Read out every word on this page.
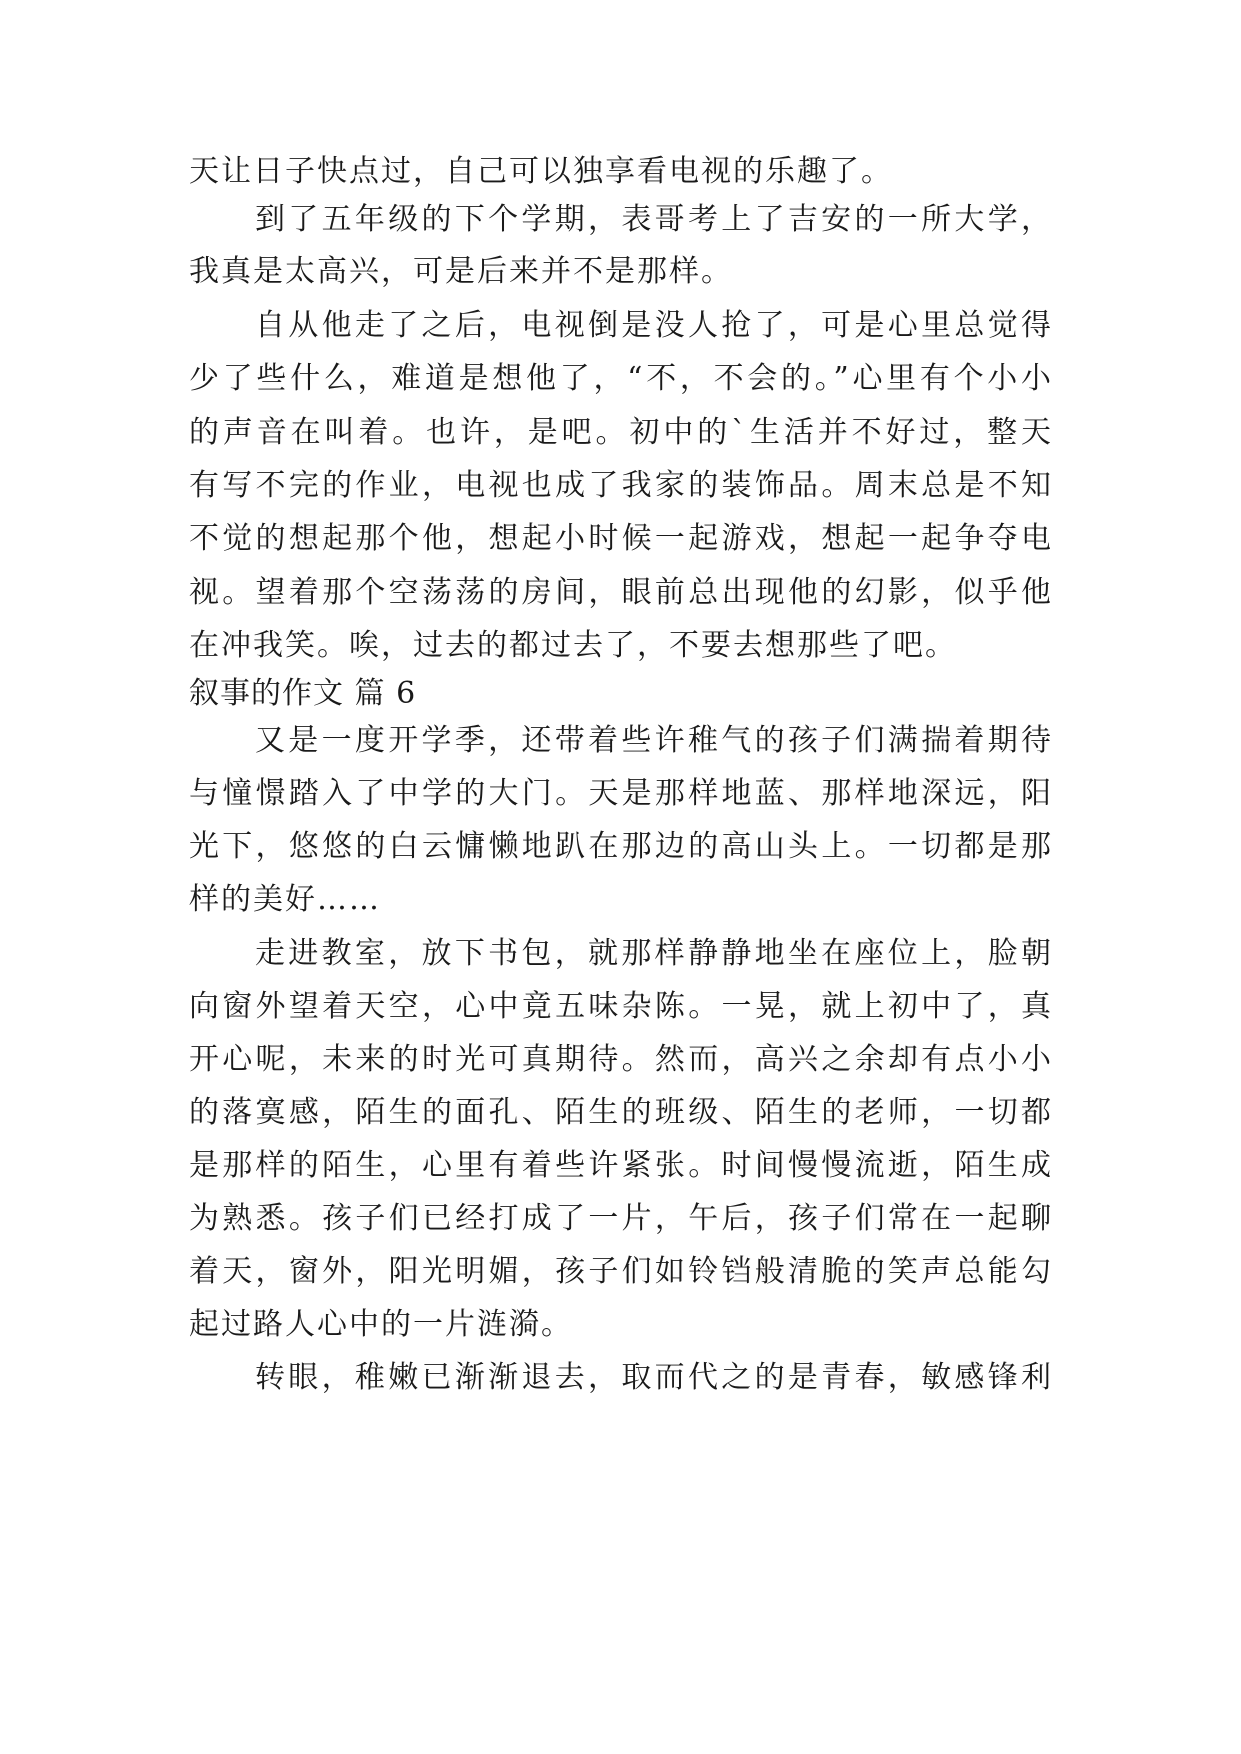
天让日子快点过，自己可以独享看电视的乐趣了。
到了五年级的下个学期，表哥考上了吉安的一所大学，
我真是太高兴，可是后来并不是那样。
自从他走了之后，电视倒是没人抢了，可是心里总觉得
少了些什么，难道是想他了，“不，不会的。”心里有个小小
的声音在叫着。也许，是吧。初中的`生活并不好过，整天
有写不完的作业，电视也成了我家的装饰品。周末总是不知
不觉的想起那个他，想起小时候一起游戏，想起一起争夺电
视。望着那个空荡荡的房间，眼前总出现他的幻影，似乎他
在冲我笑。唉，过去的都过去了，不要去想那些了吧。
叙事的作文 篇 6
又是一度开学季，还带着些许稚气的孩子们满揣着期待
与憧憬踏入了中学的大门。天是那样地蓝、那样地深远，阳
光下，悠悠的白云慵懒地趴在那边的高山头上。一切都是那
样的美好……
走进教室，放下书包，就那样静静地坐在座位上，脸朝
向窗外望着天空，心中竟五味杂陈。一晃，就上初中了，真
开心呢，未来的时光可真期待。然而，高兴之余却有点小小
的落寞感，陌生的面孔、陌生的班级、陌生的老师，一切都
是那样的陌生，心里有着些许紧张。时间慢慢流逝，陌生成
为熟悉。孩子们已经打成了一片，午后，孩子们常在一起聊
着天，窗外，阳光明媚，孩子们如铃铛般清脆的笑声总能勾
起过路人心中的一片涟漪。
转眼，稚嫩已渐渐退去，取而代之的是青春，敏感锋利
